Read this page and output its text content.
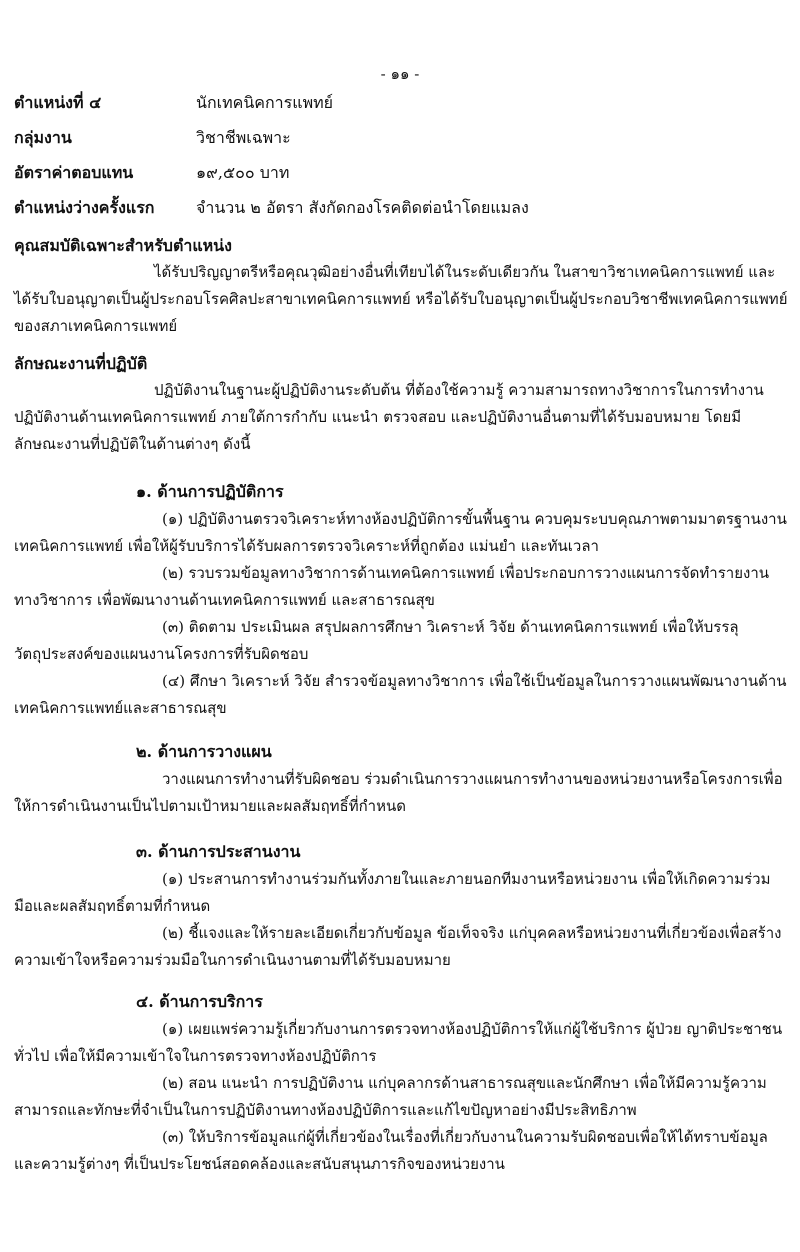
- ๑๑ -
ตำแหน่งที่ ๔	นักเทคนิคการแพทย์
กลุ่มงาน	วิชาชีพเฉพาะ
อัตราค่าตอบแทน	๑๙,๕๐๐ บาท
ตำแหน่งว่างครั้งแรก	จำนวน ๒ อัตรา สังกัดกองโรคติดต่อนำโดยแมลง

คุณสมบัติเฉพาะสำหรับตำแหน่ง

ได้รับปริญญาตรีหรือคุณวุฒิอย่างอื่นที่เทียบได้ในระดับเดียวกัน ในสาขาวิชาเทคนิคการแพทย์ และได้รับใบอนุญาตเป็นผู้ประกอบโรคศิลปะสาขาเทคนิคการแพทย์ หรือได้รับใบอนุญาตเป็นผู้ประกอบวิชาชีพเทคนิคการแพทย์ของสภาเทคนิคการแพทย์

ลักษณะงานที่ปฏิบัติ

ปฏิบัติงานในฐานะผู้ปฏิบัติงานระดับต้น ที่ต้องใช้ความรู้ ความสามารถทางวิชาการในการทำงาน ปฏิบัติงานด้านเทคนิคการแพทย์ ภายใต้การกำกับ แนะนำ ตรวจสอบ และปฏิบัติงานอื่นตามที่ได้รับมอบหมาย โดยมีลักษณะงานที่ปฏิบัติในด้านต่างๆ ดังนี้

๑. ด้านการปฏิบัติการ

(๑) ปฏิบัติงานตรวจวิเคราะห์ทางห้องปฏิบัติการขั้นพื้นฐาน ควบคุมระบบคุณภาพตามมาตรฐานงานเทคนิคการแพทย์ เพื่อให้ผู้รับบริการได้รับผลการตรวจวิเคราะห์ที่ถูกต้อง แม่นยำ และทันเวลา

(๒) รวบรวมข้อมูลทางวิชาการด้านเทคนิคการแพทย์ เพื่อประกอบการวางแผนการจัดทำรายงานทางวิชาการ เพื่อพัฒนางานด้านเทคนิคการแพทย์ และสาธารณสุข

(๓) ติดตาม ประเมินผล สรุปผลการศึกษา วิเคราะห์ วิจัย ด้านเทคนิคการแพทย์ เพื่อให้บรรลุวัตถุประสงค์ของแผนงานโครงการที่รับผิดชอบ

(๔) ศึกษา วิเคราะห์ วิจัย สำรวจข้อมูลทางวิชาการ เพื่อใช้เป็นข้อมูลในการวางแผนพัฒนางานด้านเทคนิคการแพทย์และสาธารณสุข

๒. ด้านการวางแผน

วางแผนการทำงานที่รับผิดชอบ ร่วมดำเนินการวางแผนการทำงานของหน่วยงานหรือโครงการเพื่อให้การดำเนินงานเป็นไปตามเป้าหมายและผลสัมฤทธิ์ที่กำหนด

๓. ด้านการประสานงาน

(๑) ประสานการทำงานร่วมกันทั้งภายในและภายนอกทีมงานหรือหน่วยงาน เพื่อให้เกิดความร่วมมือและผลสัมฤทธิ์ตามที่กำหนด

(๒) ชี้แจงและให้รายละเอียดเกี่ยวกับข้อมูล ข้อเท็จจริง แก่บุคคลหรือหน่วยงานที่เกี่ยวข้องเพื่อสร้างความเข้าใจหรือความร่วมมือในการดำเนินงานตามที่ได้รับมอบหมาย

๔. ด้านการบริการ

(๑) เผยแพร่ความรู้เกี่ยวกับงานการตรวจทางห้องปฏิบัติการให้แก่ผู้ใช้บริการ ผู้ป่วย ญาติประชาชนทั่วไป เพื่อให้มีความเข้าใจในการตรวจทางห้องปฏิบัติการ

(๒) สอน แนะนำ การปฏิบัติงาน แก่บุคลากรด้านสาธารณสุขและนักศึกษา เพื่อให้มีความรู้ความสามารถและทักษะที่จำเป็นในการปฏิบัติงานทางห้องปฏิบัติการและแก้ไขปัญหาอย่างมีประสิทธิภาพ

(๓) ให้บริการข้อมูลแก่ผู้ที่เกี่ยวข้องในเรื่องที่เกี่ยวกับงานในความรับผิดชอบเพื่อให้ได้ทราบข้อมูล และความรู้ต่างๆ ที่เป็นประโยชน์สอดคล้องและสนับสนุนภารกิจของหน่วยงาน
